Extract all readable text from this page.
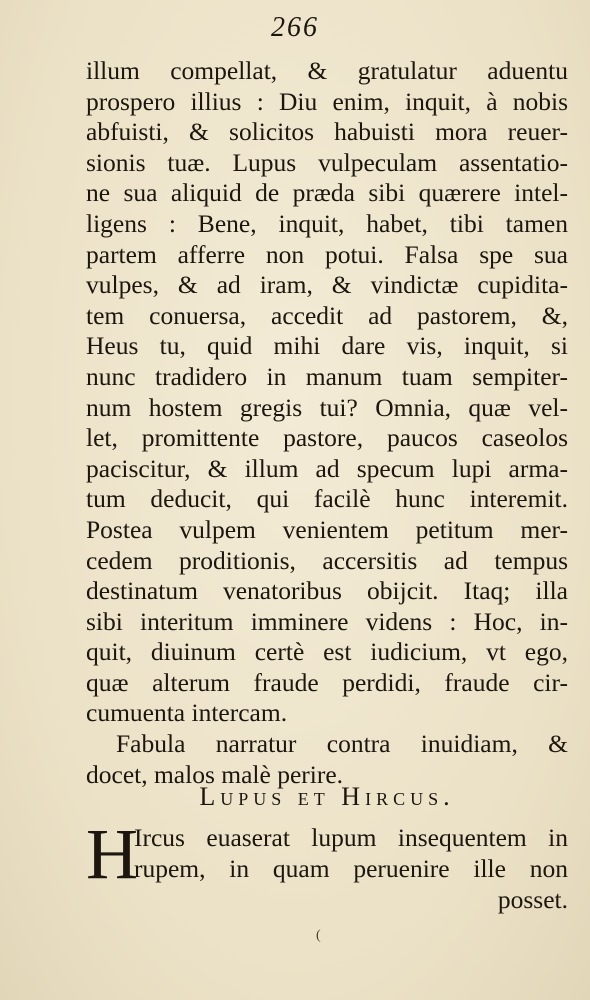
266
illum compellat, & gratulatur aduentu
prospero illius : Diu enim, inquit, à nobis
abfuisti, & solicitos habuisti mora reuer-
sionis tuæ. Lupus vulpeculam assentatio-
ne sua aliquid de præda sibi quærere intel-
ligens : Bene, inquit, habet, tibi tamen
partem afferre non potui. Falsa spe sua
vulpes, & ad iram, & vindictæ cupidita-
tem conuersa, accedit ad pastorem, &,
Heus tu, quid mihi dare vis, inquit, si
nunc tradidero in manum tuam sempiter-
num hostem gregis tui? Omnia, quæ vel-
let, promittente pastore, paucos caseolos
paciscitur, & illum ad specum lupi arma-
tum deducit, qui facilè hunc interemit.
Postea vulpem venientem petitum mer-
cedem proditionis, accersitis ad tempus
destinatum venatoribus obijcit. Itaq; illa
sibi interitum imminere videns : Hoc, in-
quit, diuinum certè est iudicium, vt ego,
quæ alterum fraude perdidi, fraude cir-
cumuenta intercam.
Fabula narratur contra inuidiam, &
docet, malos malè perire.
Lupus et Hircus.
H
Ircus euaserat lupum insequentem in
rupem, in quam peruenire ille non
posset.
(
